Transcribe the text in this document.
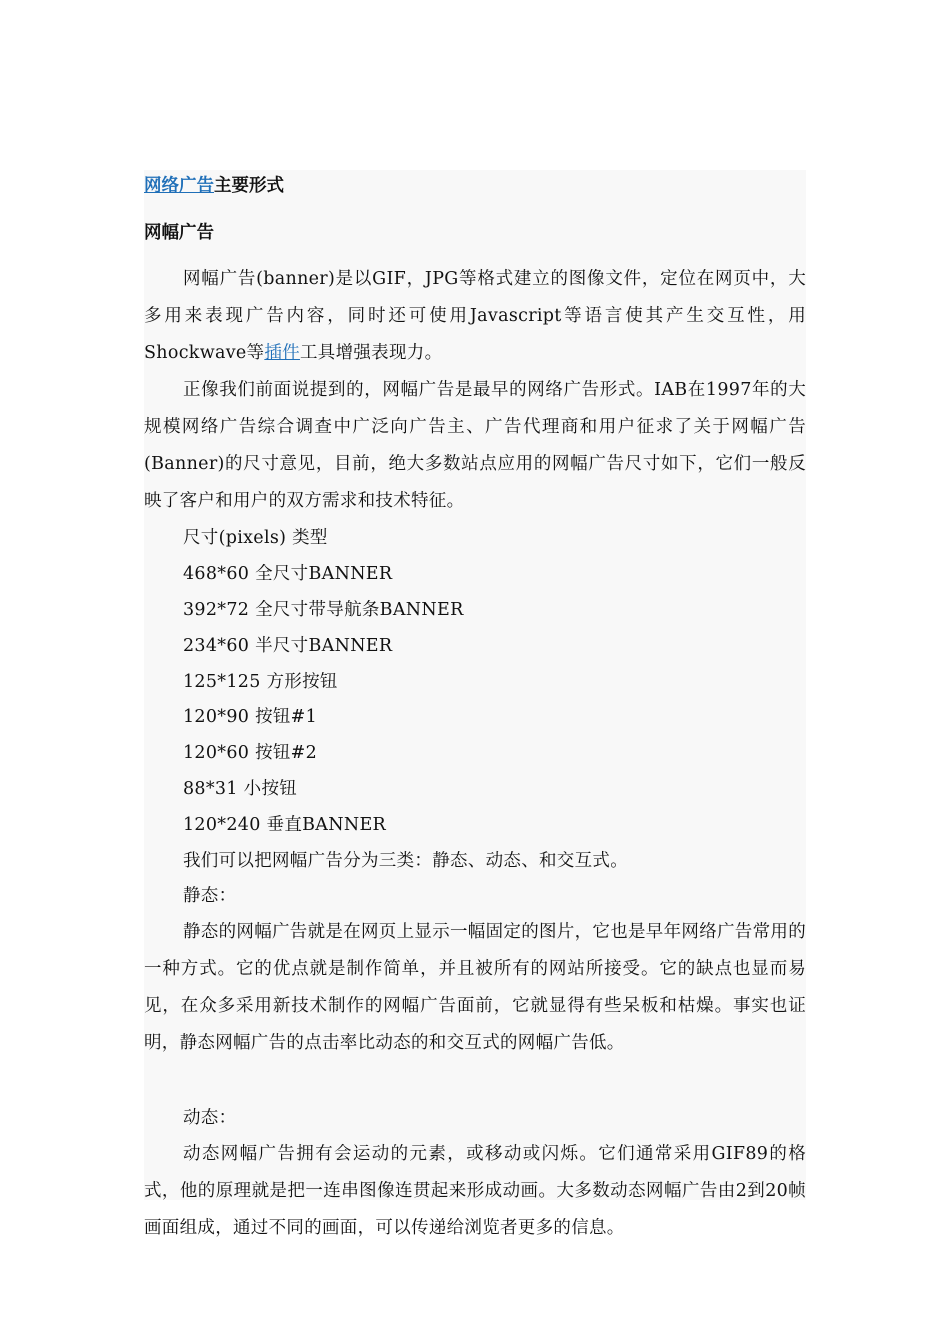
网络广告主要形式
网幅广告

网幅广告(banner)是以GIF，JPG等格式建立的图像文件，定位在网页中，大多用来表现广告内容，同时还可使用Javascript等语言使其产生交互性，用Shockwave等插件工具增强表现力。

正像我们前面说提到的，网幅广告是最早的网络广告形式。IAB在1997年的大规模网络广告综合调查中广泛向广告主、广告代理商和用户征求了关于网幅广告(Banner)的尺寸意见，目前，绝大多数站点应用的网幅广告尺寸如下，它们一般反映了客户和用户的双方需求和技术特征。

尺寸(pixels) 类型
468*60 全尺寸BANNER
392*72 全尺寸带导航条BANNER
234*60 半尺寸BANNER
125*125 方形按钮
120*90 按钮#1
120*60 按钮#2
88*31 小按钮
120*240 垂直BANNER
我们可以把网幅广告分为三类：静态、动态、和交互式。
静态：

静态的网幅广告就是在网页上显示一幅固定的图片，它也是早年网络广告常用的一种方式。它的优点就是制作简单，并且被所有的网站所接受。它的缺点也显而易见，在众多采用新技术制作的网幅广告面前，它就显得有些呆板和枯燥。事实也证明，静态网幅广告的点击率比动态的和交互式的网幅广告低。

动态：

动态网幅广告拥有会运动的元素，或移动或闪烁。它们通常采用GIF89的格式，他的原理就是把一连串图像连贯起来形成动画。大多数动态网幅广告由2到20帧画面组成，通过不同的画面，可以传递给浏览者更多的信息。
